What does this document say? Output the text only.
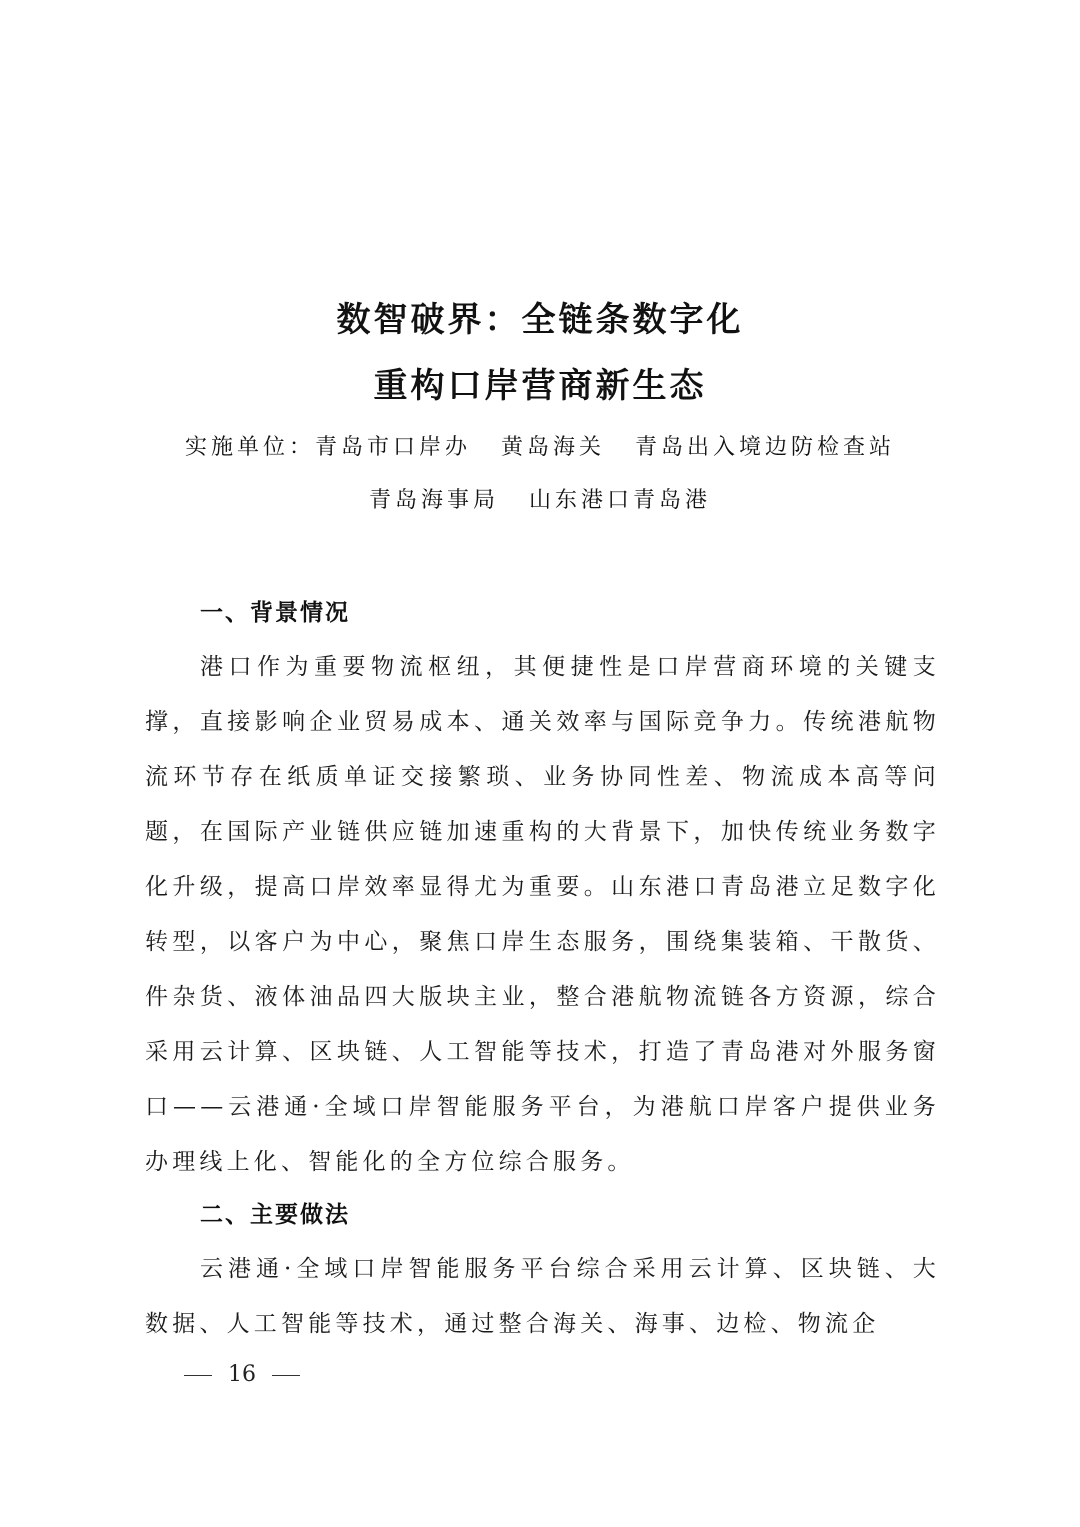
数智破界：全链条数字化
重构口岸营商新生态
实施单位：青岛市口岸办 黄岛海关 青岛出入境边防检查站
青岛海事局 山东港口青岛港
一、背景情况
港口作为重要物流枢纽，其便捷性是口岸营商环境的关键支撑，直接影响企业贸易成本、通关效率与国际竞争力。传统港航物流环节存在纸质单证交接繁琐、业务协同性差、物流成本高等问题，在国际产业链供应链加速重构的大背景下，加快传统业务数字化升级，提高口岸效率显得尤为重要。山东港口青岛港立足数字化转型，以客户为中心，聚焦口岸生态服务，围绕集装箱、干散货、件杂货、液体油品四大版块主业，整合港航物流链各方资源，综合采用云计算、区块链、人工智能等技术，打造了青岛港对外服务窗口——云港通·全域口岸智能服务平台，为港航口岸客户提供业务办理线上化、智能化的全方位综合服务。
二、主要做法
云港通·全域口岸智能服务平台综合采用云计算、区块链、大数据、人工智能等技术，通过整合海关、海事、边检、物流企
16
